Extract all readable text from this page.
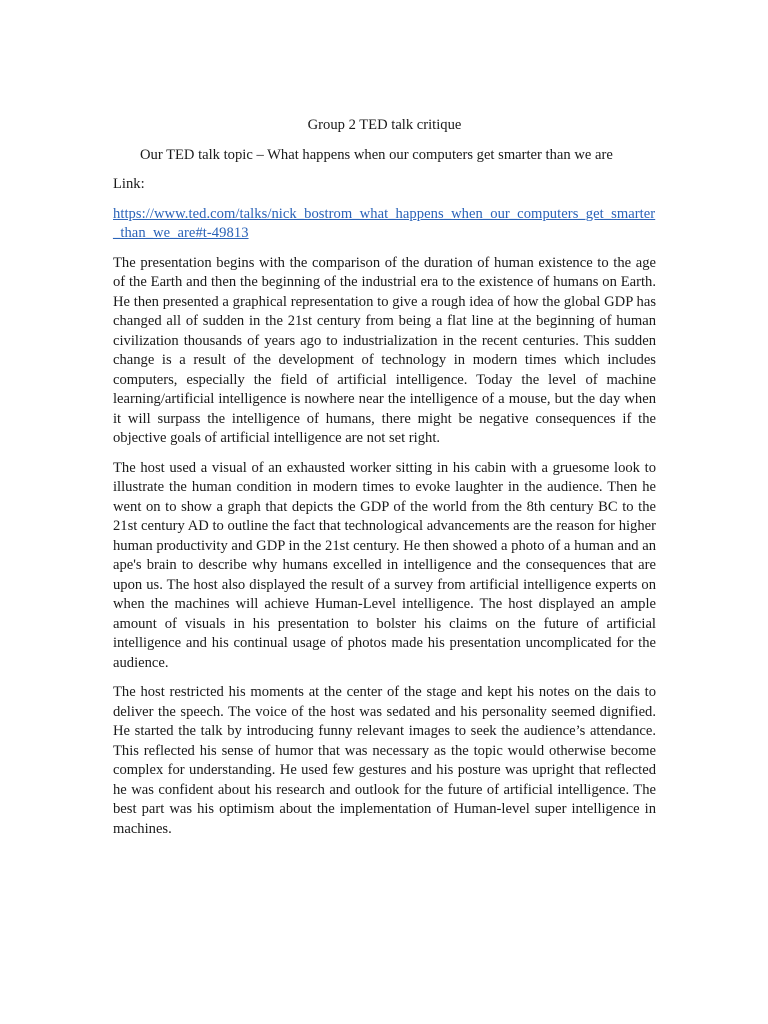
Group 2 TED talk critique
Our TED talk topic – What happens when our computers get smarter than we are
Link:
https://www.ted.com/talks/nick_bostrom_what_happens_when_our_computers_get_smarter_than_we_are#t-49813
The presentation begins with the comparison of the duration of human existence to the age of the Earth and then the beginning of the industrial era to the existence of humans on Earth. He then presented a graphical representation to give a rough idea of how the global GDP has changed all of sudden in the 21st century from being a flat line at the beginning of human civilization thousands of years ago to industrialization in the recent centuries. This sudden change is a result of the development of technology in modern times which includes computers, especially the field of artificial intelligence. Today the level of machine learning/artificial intelligence is nowhere near the intelligence of a mouse, but the day when it will surpass the intelligence of humans, there might be negative consequences if the objective goals of artificial intelligence are not set right.
The host used a visual of an exhausted worker sitting in his cabin with a gruesome look to illustrate the human condition in modern times to evoke laughter in the audience. Then he went on to show a graph that depicts the GDP of the world from the 8th century BC to the 21st century AD to outline the fact that technological advancements are the reason for higher human productivity and GDP in the 21st century. He then showed a photo of a human and an ape's brain to describe why humans excelled in intelligence and the consequences that are upon us. The host also displayed the result of a survey from artificial intelligence experts on when the machines will achieve Human-Level intelligence. The host displayed an ample amount of visuals in his presentation to bolster his claims on the future of artificial intelligence and his continual usage of photos made his presentation uncomplicated for the audience.
The host restricted his moments at the center of the stage and kept his notes on the dais to deliver the speech. The voice of the host was sedated and his personality seemed dignified. He started the talk by introducing funny relevant images to seek the audience’s attendance. This reflected his sense of humor that was necessary as the topic would otherwise become complex for understanding. He used few gestures and his posture was upright that reflected he was confident about his research and outlook for the future of artificial intelligence. The best part was his optimism about the implementation of Human-level super intelligence in machines.
